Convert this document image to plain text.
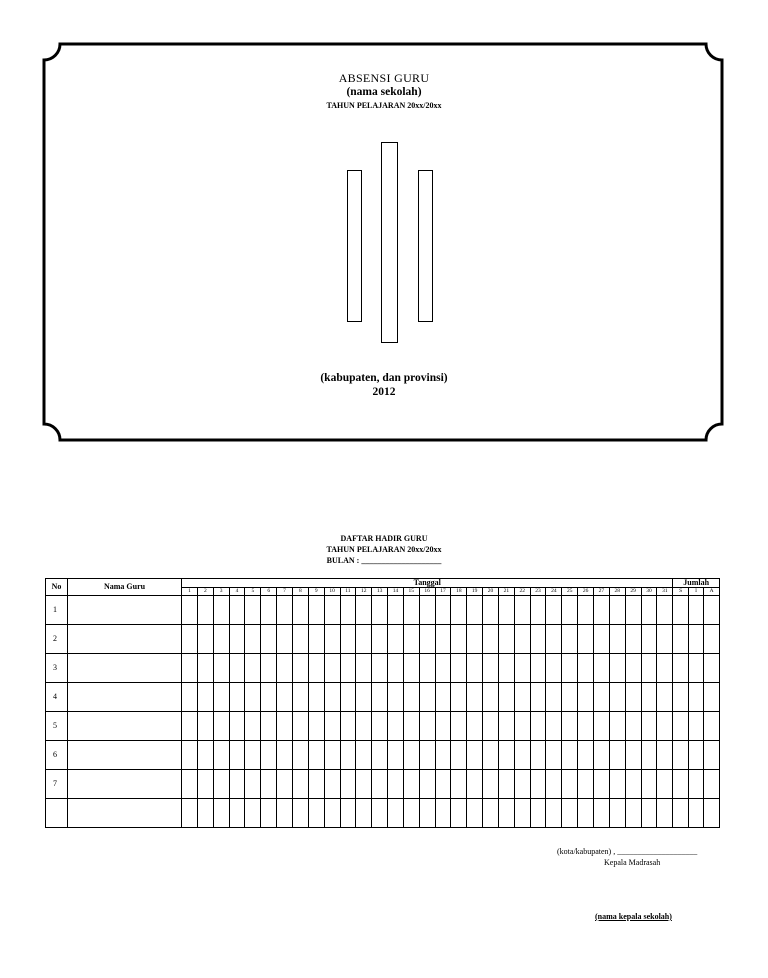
ABSENSI GURU
(nama sekolah)
TAHUN PELAJARAN 20xx/20xx
(kabupaten, dan provinsi)
2012
DAFTAR HADIR GURU
TAHUN PELAJARAN 20xx/20xx
BULAN : ____________________
No	Nama Guru	Tanggal																															Jumlah		
		1	2	3	4	5	6	7	8	9	10	11	12	13	14	15	16	17	18	19	20	21	22	23	24	25	26	27	28	29	30	31	S	I	A
1																																			
2																																			
3																																			
4																																			
5																																			
6																																			
7																																			

(kota/kabupaten) , ____________________
Kepala Madrasah
(nama kepala sekolah)
